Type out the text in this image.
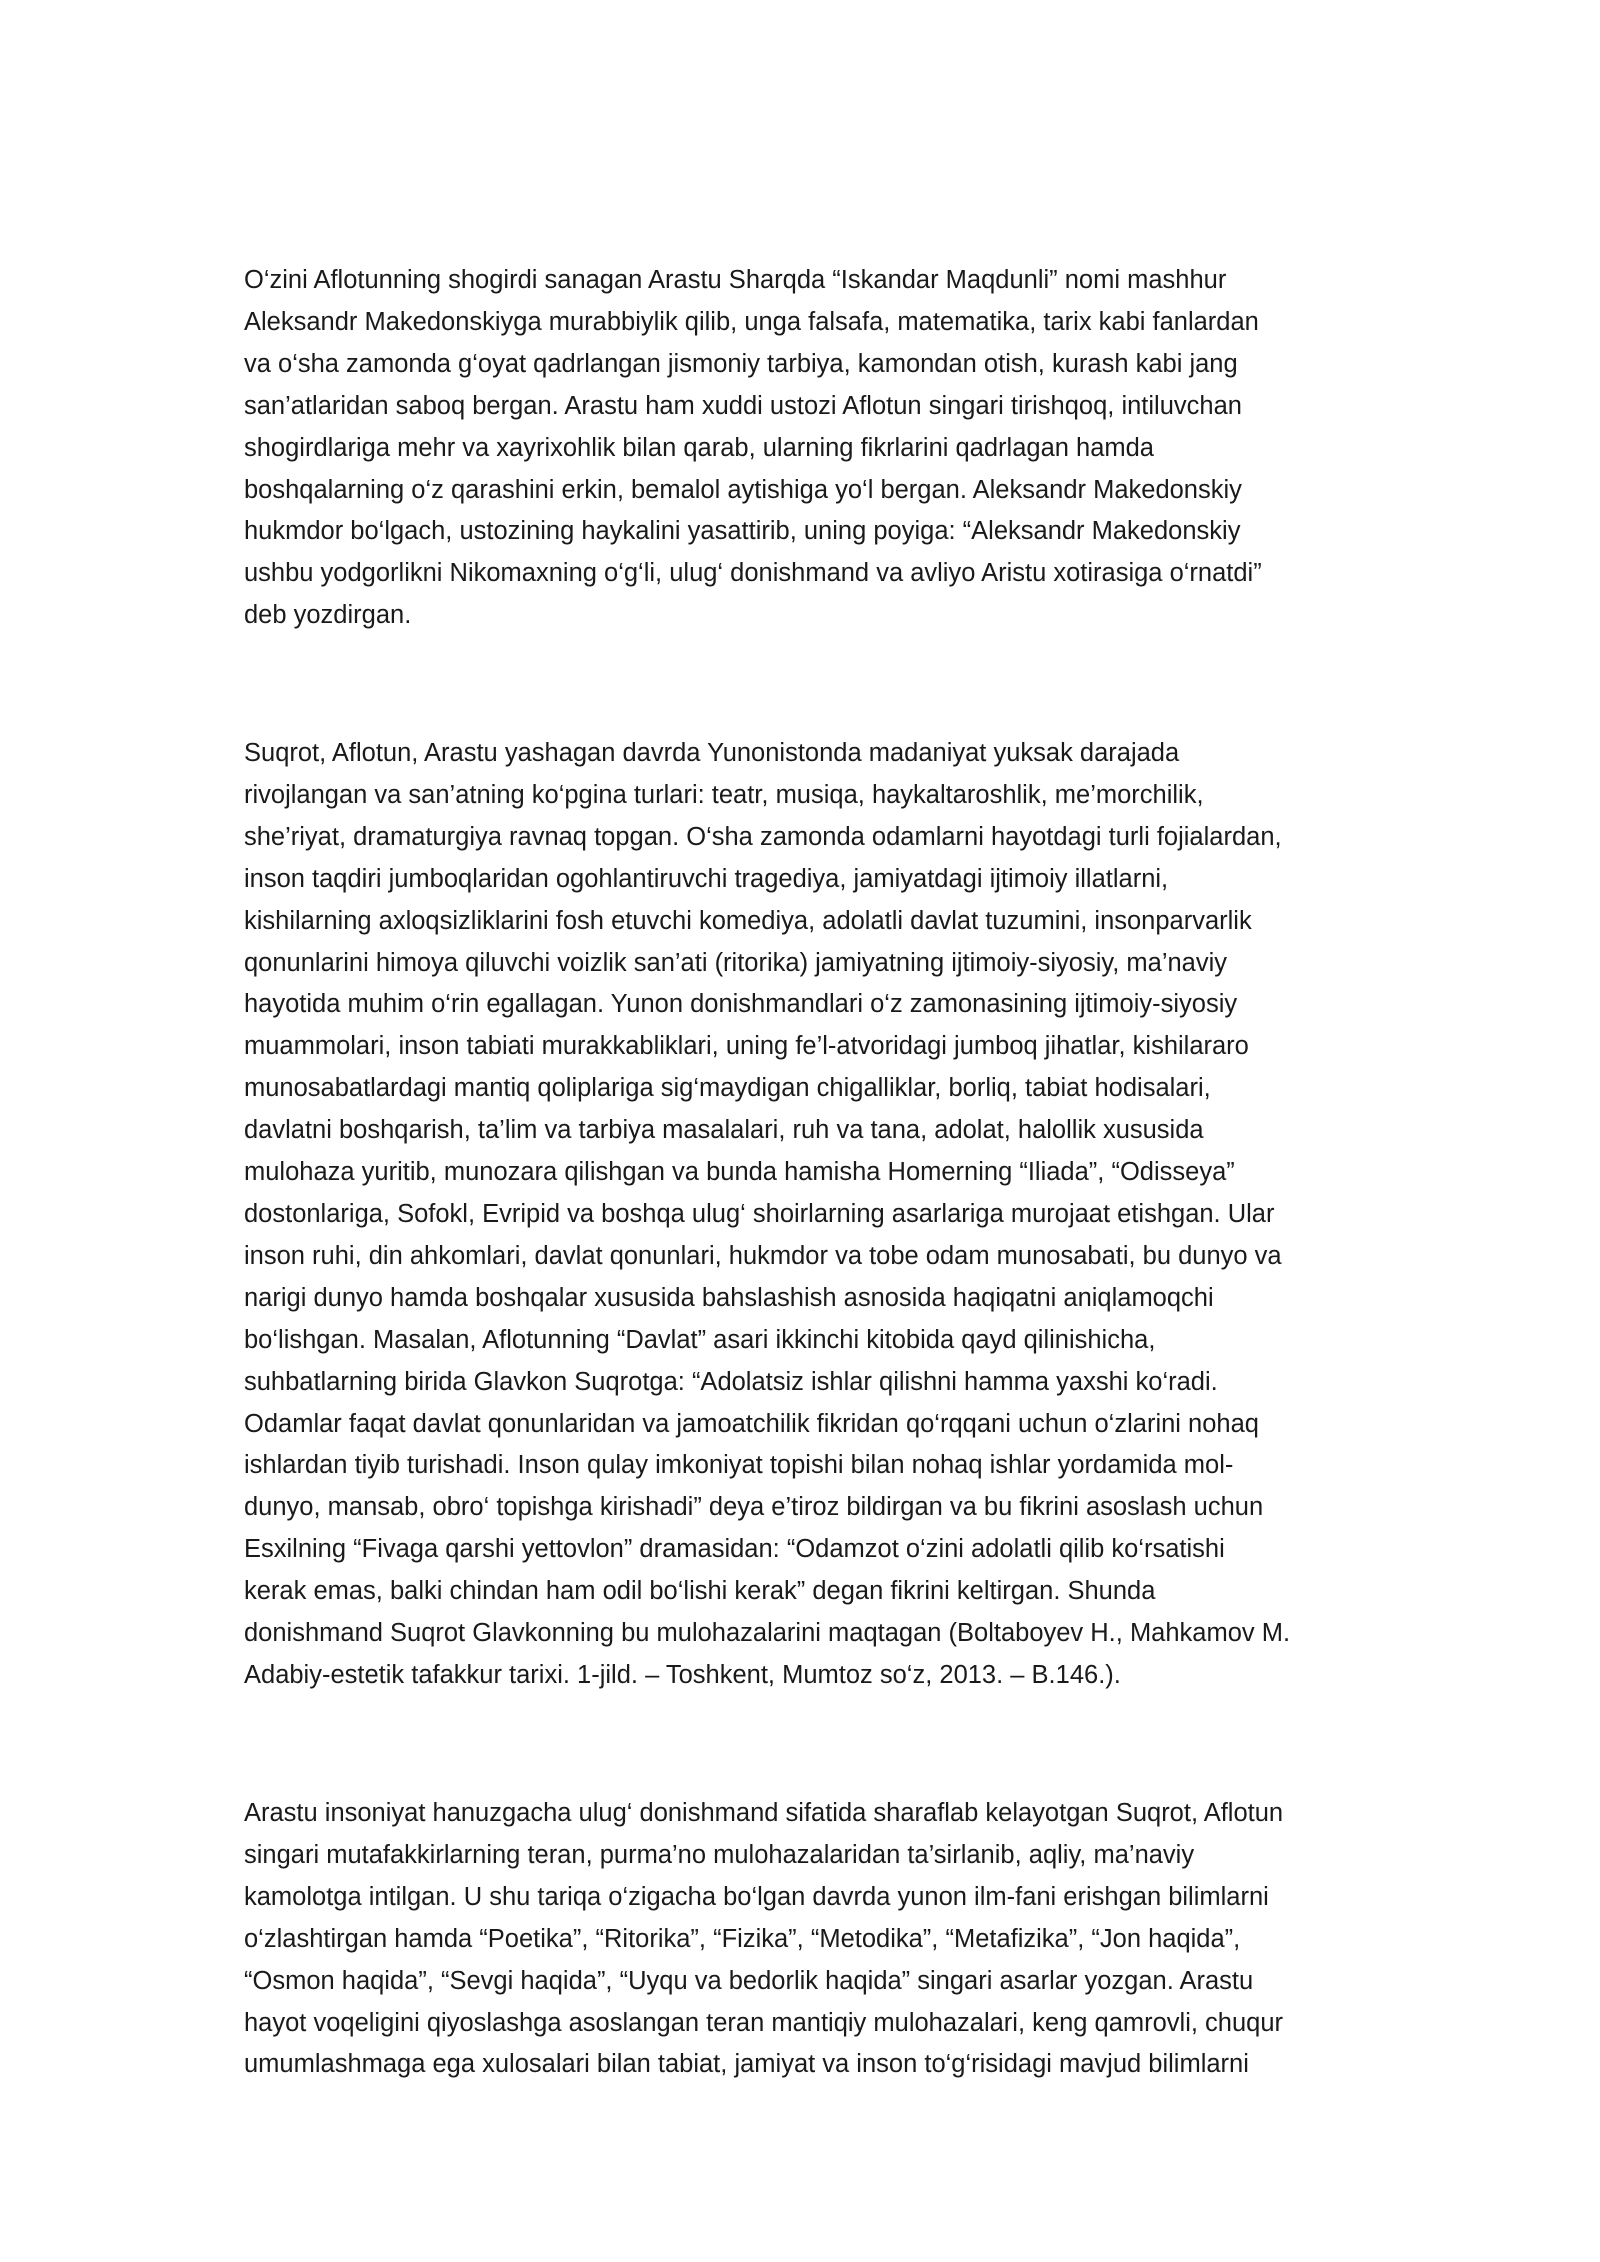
O‘zini Aflotunning shogirdi sanagan Arastu Sharqda “Iskandar Maqdunli” nomi mashhur
Aleksandr Makedonskiyga murabbiylik qilib, unga falsafa, matematika, tarix kabi fanlardan
va o‘sha zamonda g‘oyat qadrlangan jismoniy tarbiya, kamondan otish, kurash kabi jang
san’atlaridan saboq bergan. Arastu ham xuddi ustozi Aflotun singari tirishqoq, intiluvchan
shogirdlariga mehr va xayrixohlik bilan qarab, ularning fikrlarini qadrlagan hamda
boshqalarning o‘z qarashini erkin, bemalol aytishiga yo‘l bergan. Aleksandr Makedonskiy
hukmdor bo‘lgach, ustozining haykalini yasattirib, uning poyiga: “Aleksandr Makedonskiy
ushbu yodgorlikni Nikomaxning o‘g‘li, ulug‘ donishmand va avliyo Aristu xotirasiga o‘rnatdi”
deb yozdirgan.

Suqrot, Aflotun, Arastu yashagan davrda Yunonistonda madaniyat yuksak darajada
rivojlangan va san’atning ko‘pgina turlari: teatr, musiqa, haykaltaroshlik, me’morchilik,
she’riyat, dramaturgiya ravnaq topgan. O‘sha zamonda odamlarni hayotdagi turli fojialardan,
inson taqdiri jumboqlaridan ogohlantiruvchi tragediya, jamiyatdagi ijtimoiy illatlarni,
kishilarning axloqsizliklarini fosh etuvchi komediya, adolatli davlat tuzumini, insonparvarlik
qonunlarini himoya qiluvchi voizlik san’ati (ritorika) jamiyatning ijtimoiy-siyosiy, ma’naviy
hayotida muhim o‘rin egallagan. Yunon donishmandlari o‘z zamonasining ijtimoiy-siyosiy
muammolari, inson tabiati murakkabliklari, uning fe’l-atvoridagi jumboq jihatlar, kishilararo
munosabatlardagi mantiq qoliplariga sig‘maydigan chigalliklar, borliq, tabiat hodisalari,
davlatni boshqarish, ta’lim va tarbiya masalalari, ruh va tana, adolat, halollik xususida
mulohaza yuritib, munozara qilishgan va bunda hamisha Homerning “Iliada”, “Odisseya”
dostonlariga, Sofokl, Evripid va boshqa ulug‘ shoirlarning asarlariga murojaat etishgan. Ular
inson ruhi, din ahkomlari, davlat qonunlari, hukmdor va tobe odam munosabati, bu dunyo va
narigi dunyo hamda boshqalar xususida bahslashish asnosida haqiqatni aniqlamoqchi
bo‘lishgan. Masalan, Aflotunning “Davlat” asari ikkinchi kitobida qayd qilinishicha,
suhbatlarning birida Glavkon Suqrotga: “Adolatsiz ishlar qilishni hamma yaxshi ko‘radi.
Odamlar faqat davlat qonunlaridan va jamoatchilik fikridan qo‘rqqani uchun o‘zlarini nohaq
ishlardan tiyib turishadi. Inson qulay imkoniyat topishi bilan nohaq ishlar yordamida mol-
dunyo, mansab, obro‘ topishga kirishadi” deya e’tiroz bildirgan va bu fikrini asoslash uchun
Esxilning “Fivaga qarshi yettovlon” dramasidan: “Odamzot o‘zini adolatli qilib ko‘rsatishi
kerak emas, balki chindan ham odil bo‘lishi kerak” degan fikrini keltirgan. Shunda
donishmand Suqrot Glavkonning bu mulohazalarini maqtagan (Boltaboyev H., Mahkamov M.
Adabiy-estetik tafakkur tarixi. 1-jild. – Toshkent, Mumtoz so‘z, 2013. – B.146.).

Arastu insoniyat hanuzgacha ulug‘ donishmand sifatida sharaflab kelayotgan Suqrot, Aflotun
singari mutafakkirlarning teran, purma’no mulohazalaridan ta’sirlanib, aqliy, ma’naviy
kamolotga intilgan. U shu tariqa o‘zigacha bo‘lgan davrda yunon ilm-fani erishgan bilimlarni
o‘zlashtirgan hamda “Poetika”, “Ritorika”, “Fizika”, “Metodika”, “Metafizika”, “Jon haqida”,
“Osmon haqida”, “Sevgi haqida”, “Uyqu va bedorlik haqida” singari asarlar yozgan. Arastu
hayot voqeligini qiyoslashga asoslangan teran mantiqiy mulohazalari, keng qamrovli, chuqur
umumlashmaga ega xulosalari bilan tabiat, jamiyat va inson to‘g‘risidagi mavjud bilimlarni
